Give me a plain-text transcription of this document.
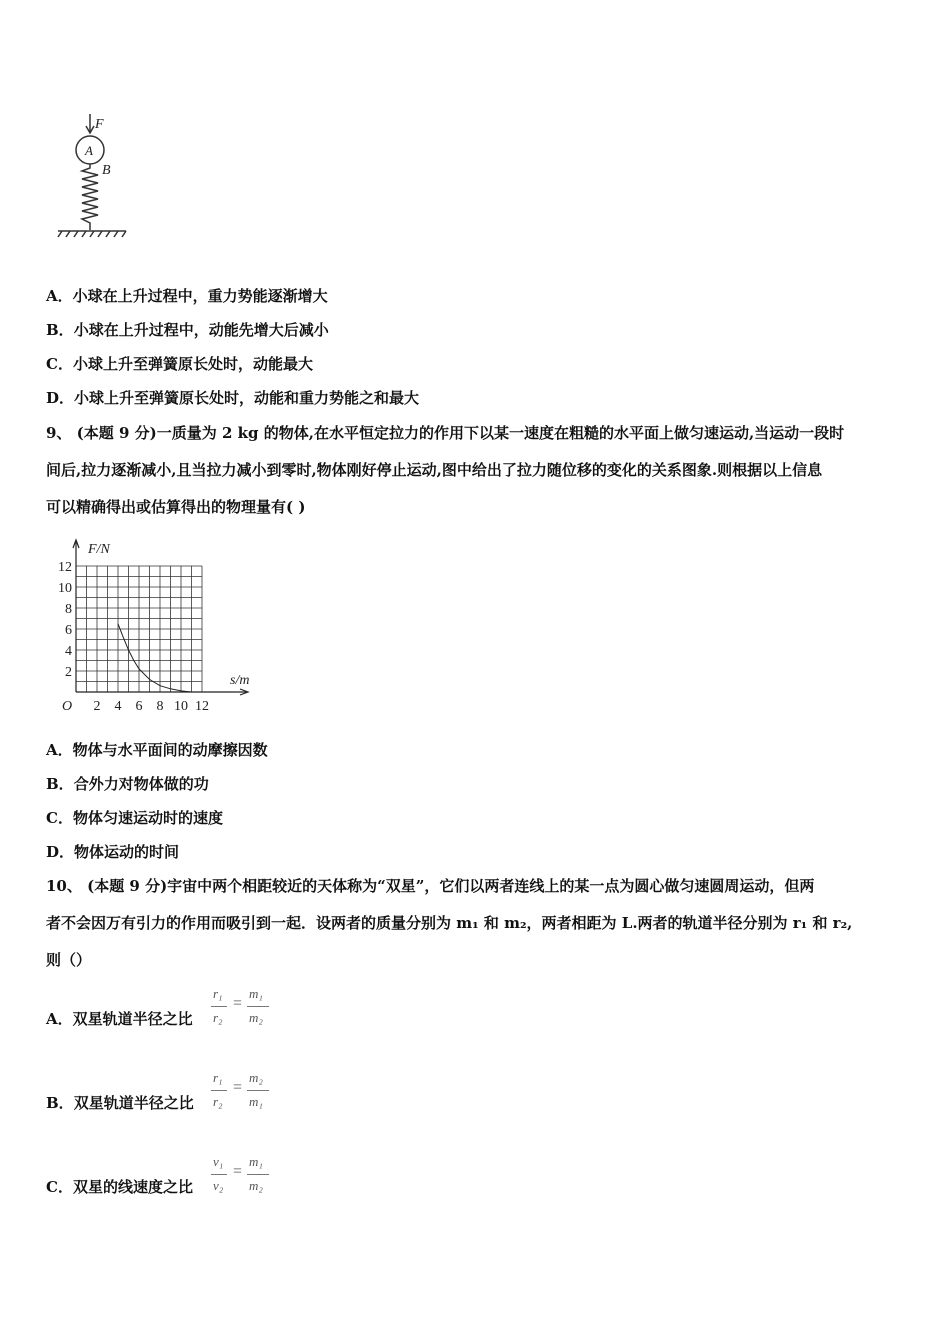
F
A
B
A．小球在上升过程中，重力势能逐渐增大
B．小球在上升过程中，动能先增大后减小
C．小球上升至弹簧原长处时，动能最大
D．小球上升至弹簧原长处时，动能和重力势能之和最大
9、 (本题 9 分)一质量为 2 kg 的物体,在水平恒定拉力的作用下以某一速度在粗糙的水平面上做匀速运动,当运动一段时
间后,拉力逐渐减小,且当拉力减小到零时,物体刚好停止运动,图中给出了拉力随位移的变化的关系图象.则根据以上信息
可以精确得出或估算得出的物理量有( )
2
4
6
8
10
12
2 4 6 8 10 12
F/N
s/m
O
A．物体与水平面间的动摩擦因数
B．合外力对物体做的功
C．物体匀速运动时的速度
D．物体运动的时间
10、 (本题 9 分)宇宙中两个相距较近的天体称为“双星”，它们以两者连线上的某一点为圆心做匀速圆周运动，但两
者不会因万有引力的作用而吸引到一起．设两者的质量分别为 m₁ 和 m₂，两者相距为 L.两者的轨道半径分别为 r₁ 和 r₂,
则（）
A．双星轨道半径之比
r₁
r₂
=
m₁
m₂
B．双星轨道半径之比
r₁
r₂
=
m₂
m₁
C．双星的线速度之比
v₁
v₂
=
m₁
m₂
